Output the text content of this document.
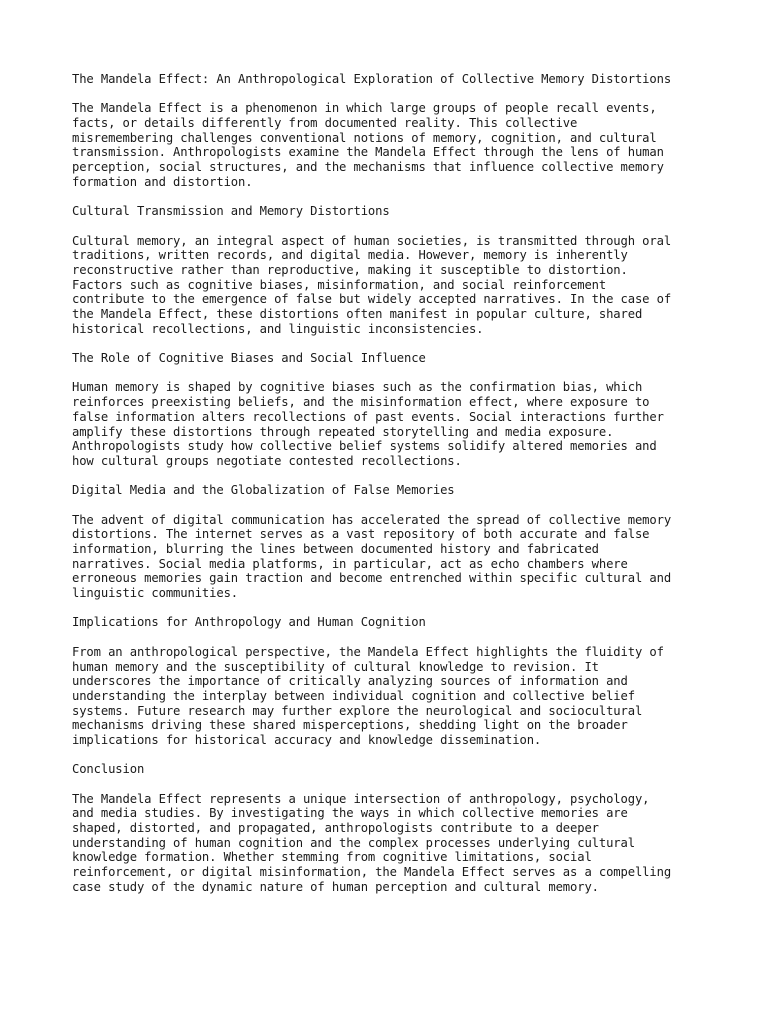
The Mandela Effect: An Anthropological Exploration of Collective Memory Distortions
The Mandela Effect is a phenomenon in which large groups of people recall events,
facts, or details differently from documented reality. This collective
misremembering challenges conventional notions of memory, cognition, and cultural
transmission. Anthropologists examine the Mandela Effect through the lens of human
perception, social structures, and the mechanisms that influence collective memory
formation and distortion.
Cultural Transmission and Memory Distortions
Cultural memory, an integral aspect of human societies, is transmitted through oral
traditions, written records, and digital media. However, memory is inherently
reconstructive rather than reproductive, making it susceptible to distortion.
Factors such as cognitive biases, misinformation, and social reinforcement
contribute to the emergence of false but widely accepted narratives. In the case of
the Mandela Effect, these distortions often manifest in popular culture, shared
historical recollections, and linguistic inconsistencies.
The Role of Cognitive Biases and Social Influence
Human memory is shaped by cognitive biases such as the confirmation bias, which
reinforces preexisting beliefs, and the misinformation effect, where exposure to
false information alters recollections of past events. Social interactions further
amplify these distortions through repeated storytelling and media exposure.
Anthropologists study how collective belief systems solidify altered memories and
how cultural groups negotiate contested recollections.
Digital Media and the Globalization of False Memories
The advent of digital communication has accelerated the spread of collective memory
distortions. The internet serves as a vast repository of both accurate and false
information, blurring the lines between documented history and fabricated
narratives. Social media platforms, in particular, act as echo chambers where
erroneous memories gain traction and become entrenched within specific cultural and
linguistic communities.
Implications for Anthropology and Human Cognition
From an anthropological perspective, the Mandela Effect highlights the fluidity of
human memory and the susceptibility of cultural knowledge to revision. It
underscores the importance of critically analyzing sources of information and
understanding the interplay between individual cognition and collective belief
systems. Future research may further explore the neurological and sociocultural
mechanisms driving these shared misperceptions, shedding light on the broader
implications for historical accuracy and knowledge dissemination.
Conclusion
The Mandela Effect represents a unique intersection of anthropology, psychology,
and media studies. By investigating the ways in which collective memories are
shaped, distorted, and propagated, anthropologists contribute to a deeper
understanding of human cognition and the complex processes underlying cultural
knowledge formation. Whether stemming from cognitive limitations, social
reinforcement, or digital misinformation, the Mandela Effect serves as a compelling
case study of the dynamic nature of human perception and cultural memory.
